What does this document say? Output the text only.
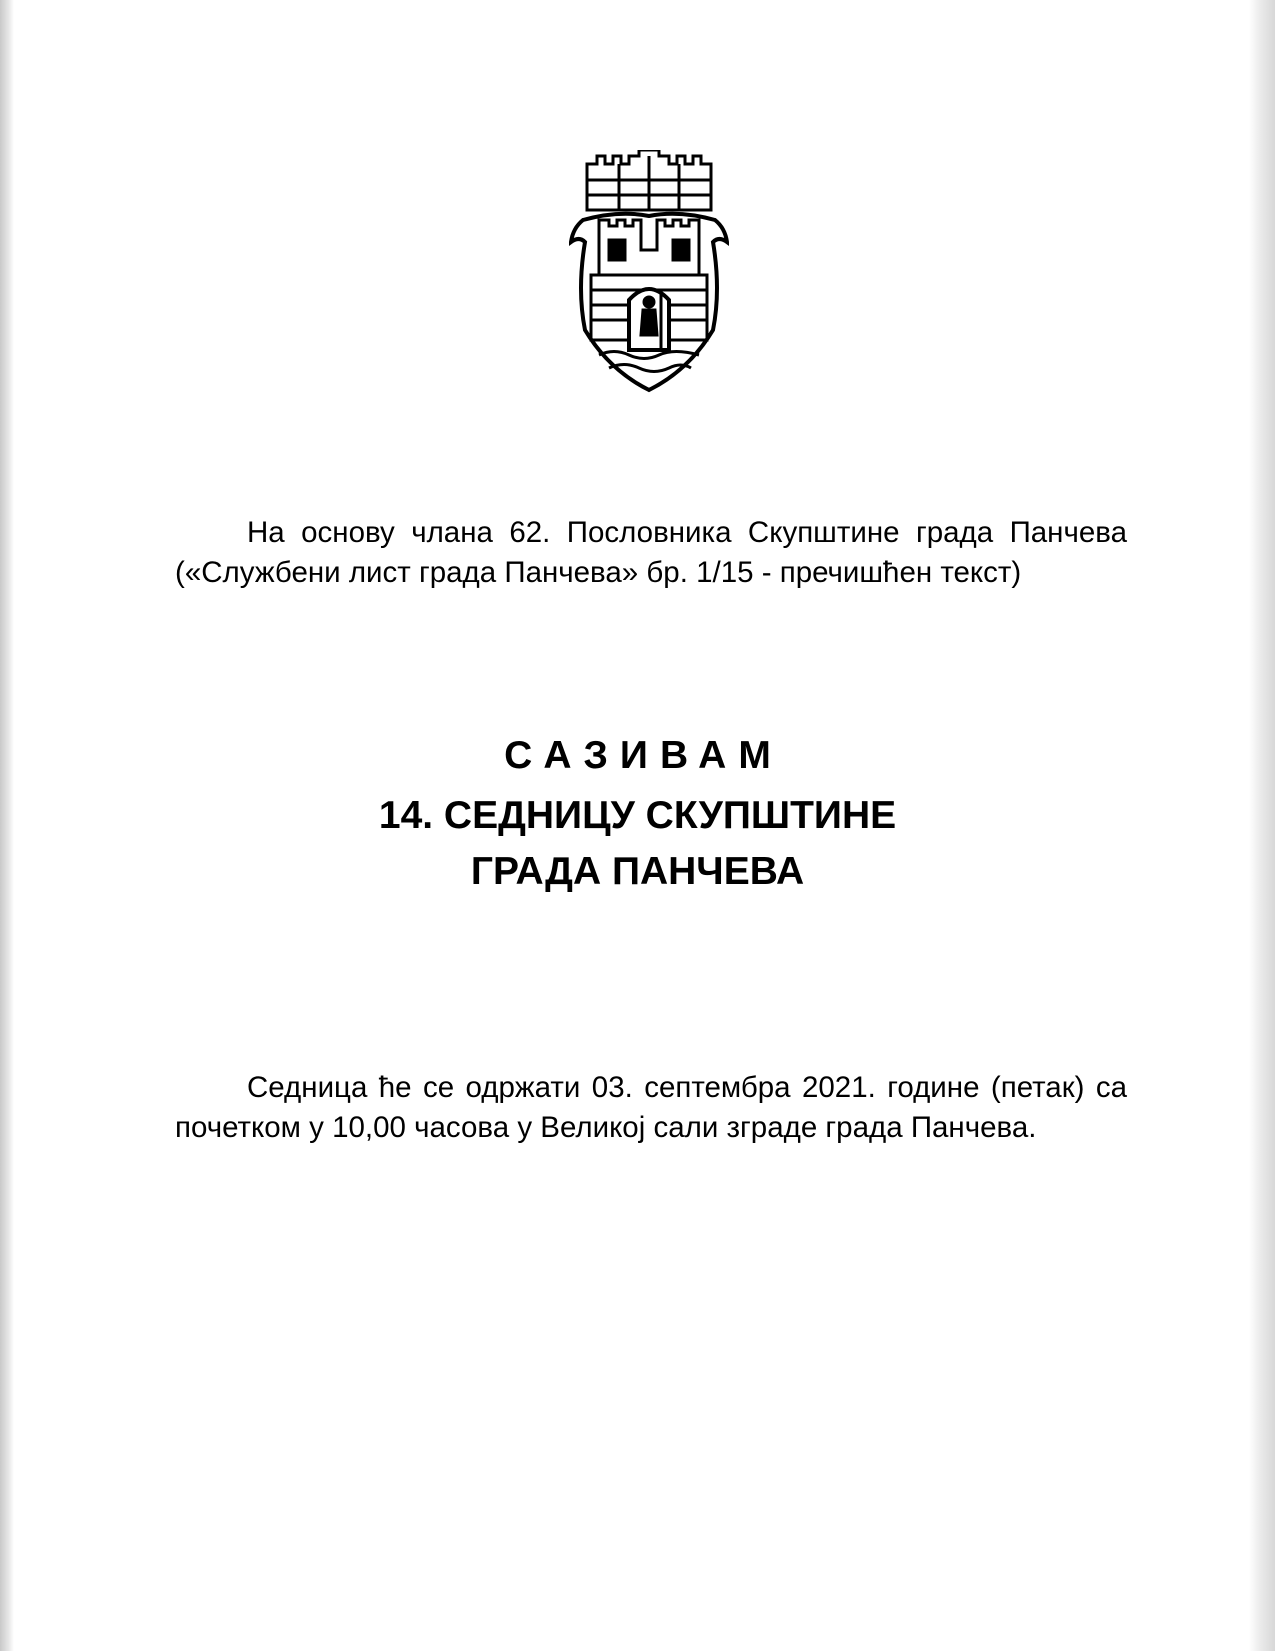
На основу члана 62. Пословника Скупштине града Панчева («Службени лист града Панчева» бр. 1/15 - пречишћен текст)
САЗИВАМ
14. СЕДНИЦУ СКУПШТИНЕ
ГРАДА ПАНЧЕВА
Седница ће се одржати 03. септембра 2021. године (петак) са почетком у 10,00 часова у Великој сали зграде града Панчева.
